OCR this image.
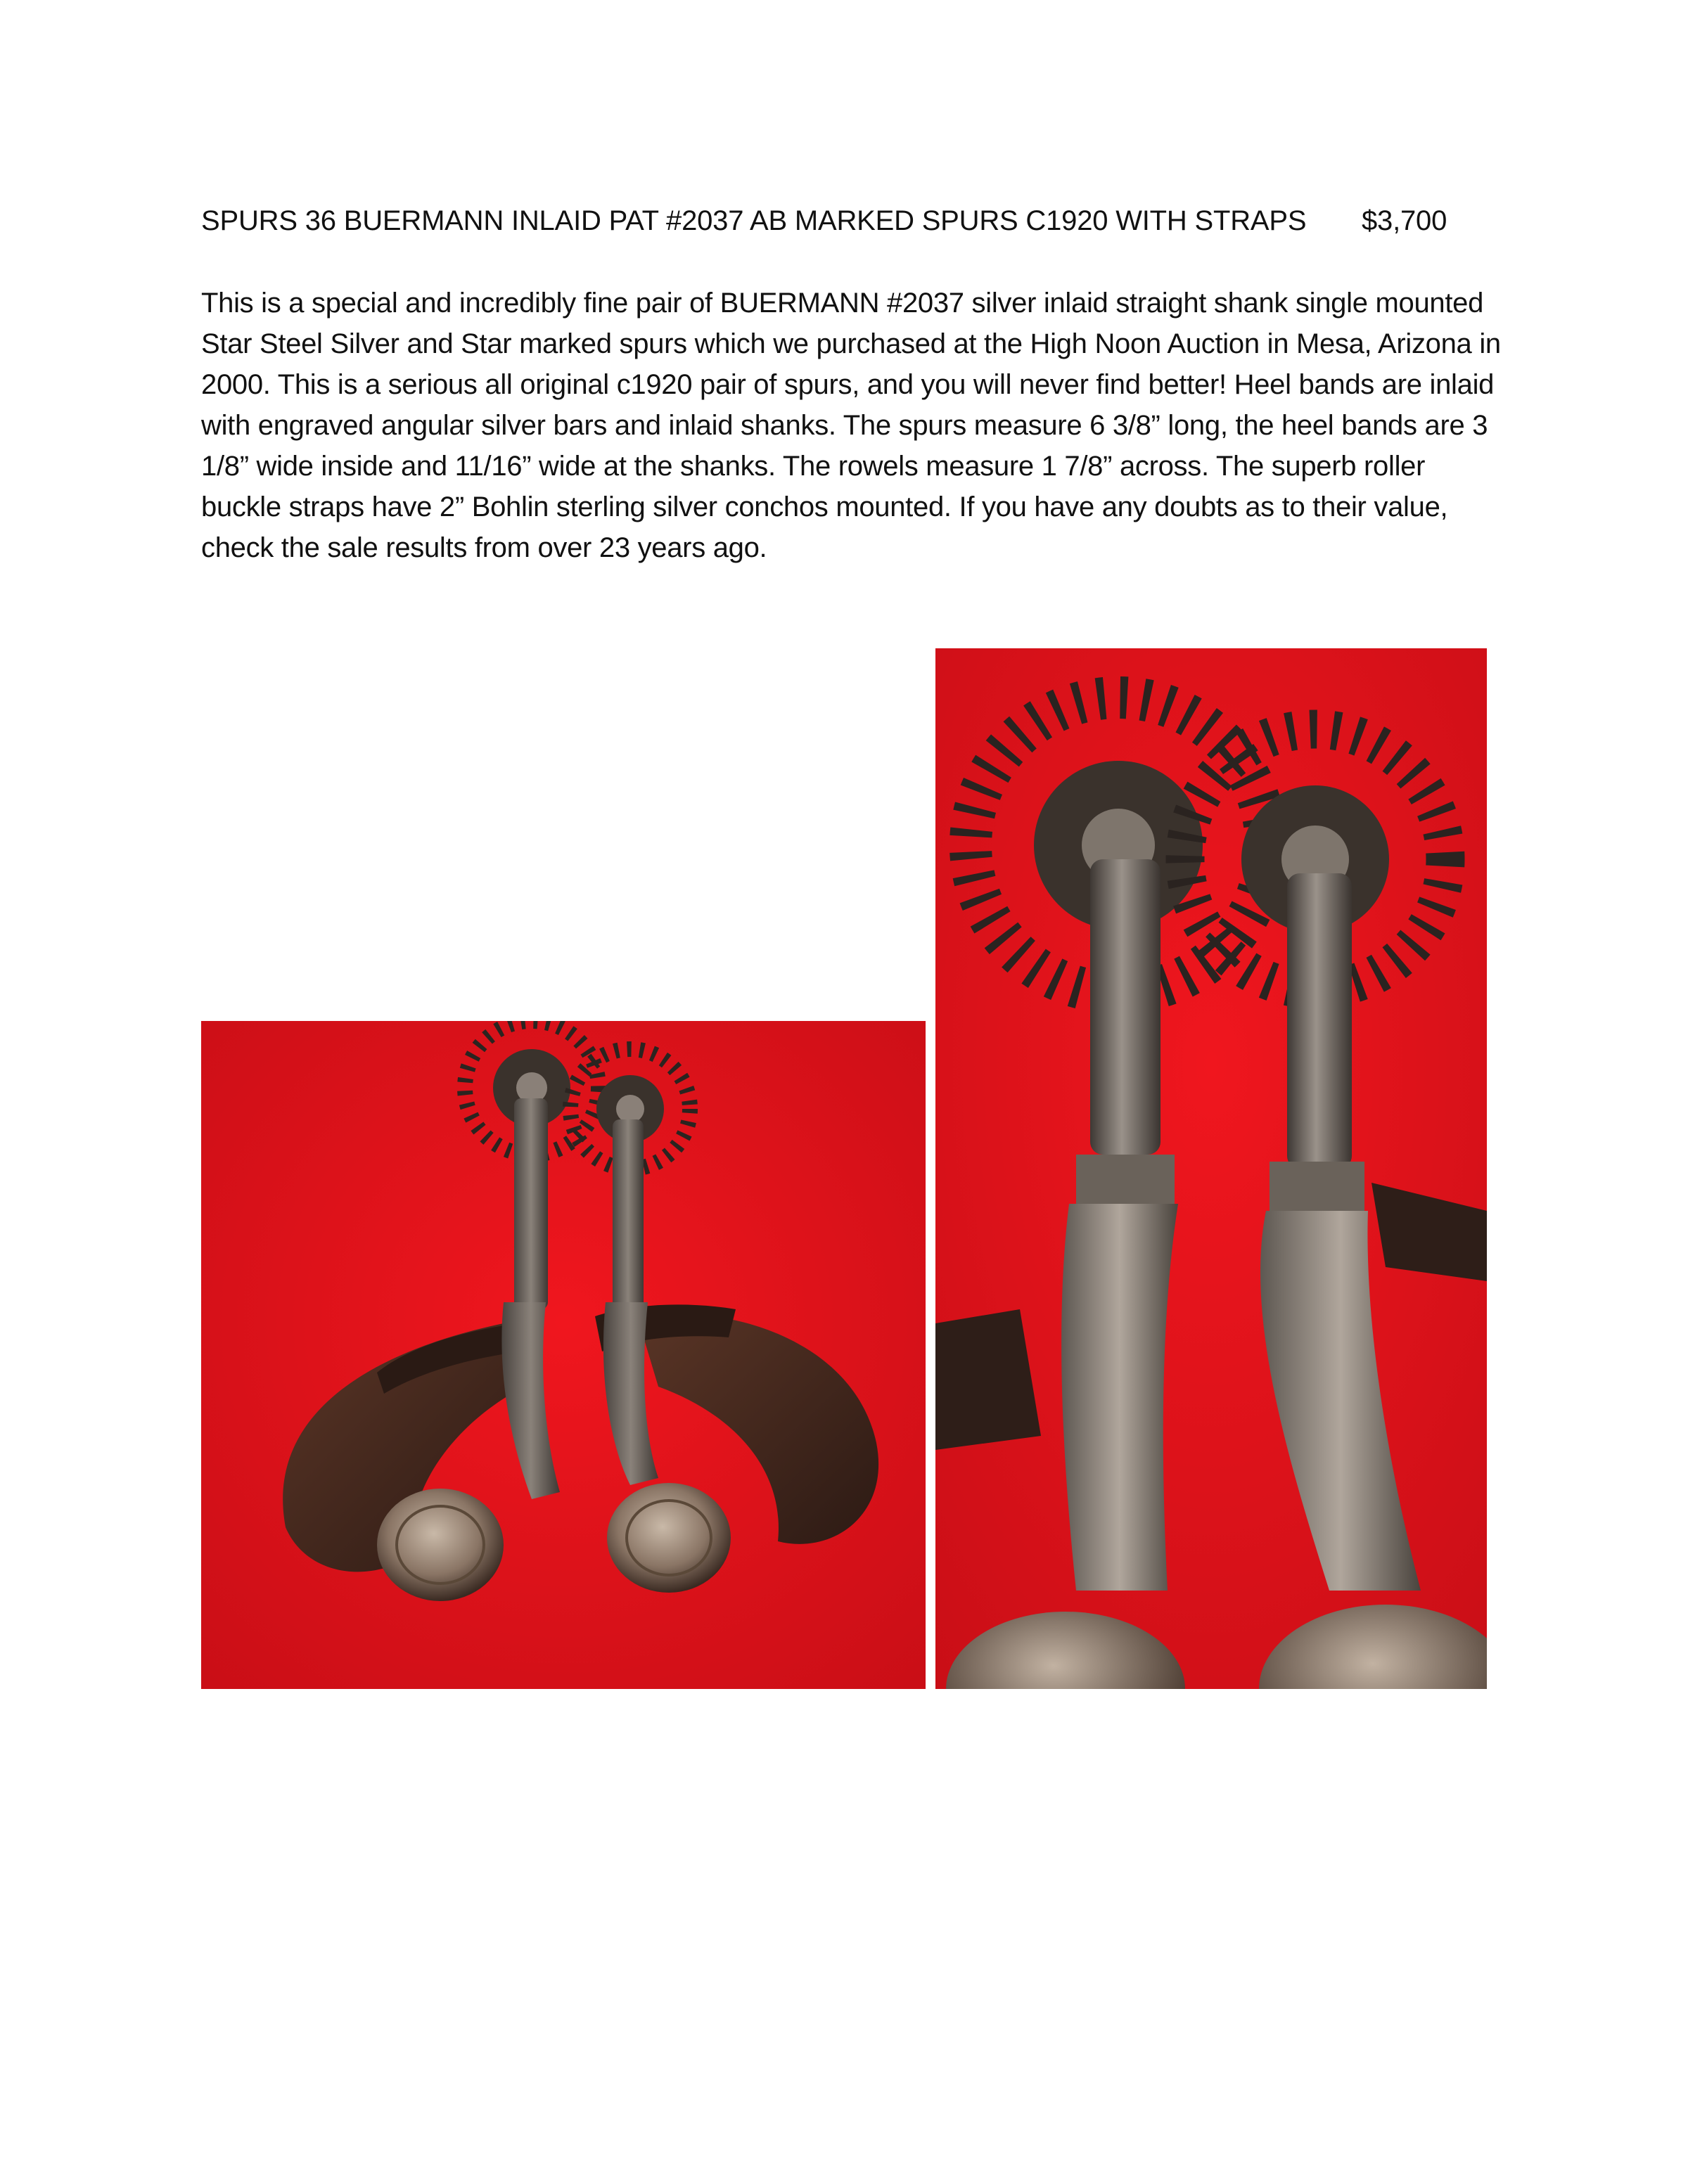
SPURS 36 BUERMANN INLAID PAT #2037 AB MARKED SPURS C1920 WITH STRAPS $3,700

This is a special and incredibly fine pair of BUERMANN #2037 silver inlaid straight shank single mounted Star Steel Silver and Star marked spurs which we purchased at the High Noon Auction in Mesa, Arizona in 2000. This is a serious all original c1920 pair of spurs, and you will never find better! Heel bands are inlaid with engraved angular silver bars and inlaid shanks. The spurs measure 6 3/8” long, the heel bands are 3 1/8” wide inside and 11/16” wide at the shanks. The rowels measure 1 7/8” across. The superb roller buckle straps have 2” Bohlin sterling silver conchos mounted. If you have any doubts as to their value, check the sale results from over 23 years ago.
